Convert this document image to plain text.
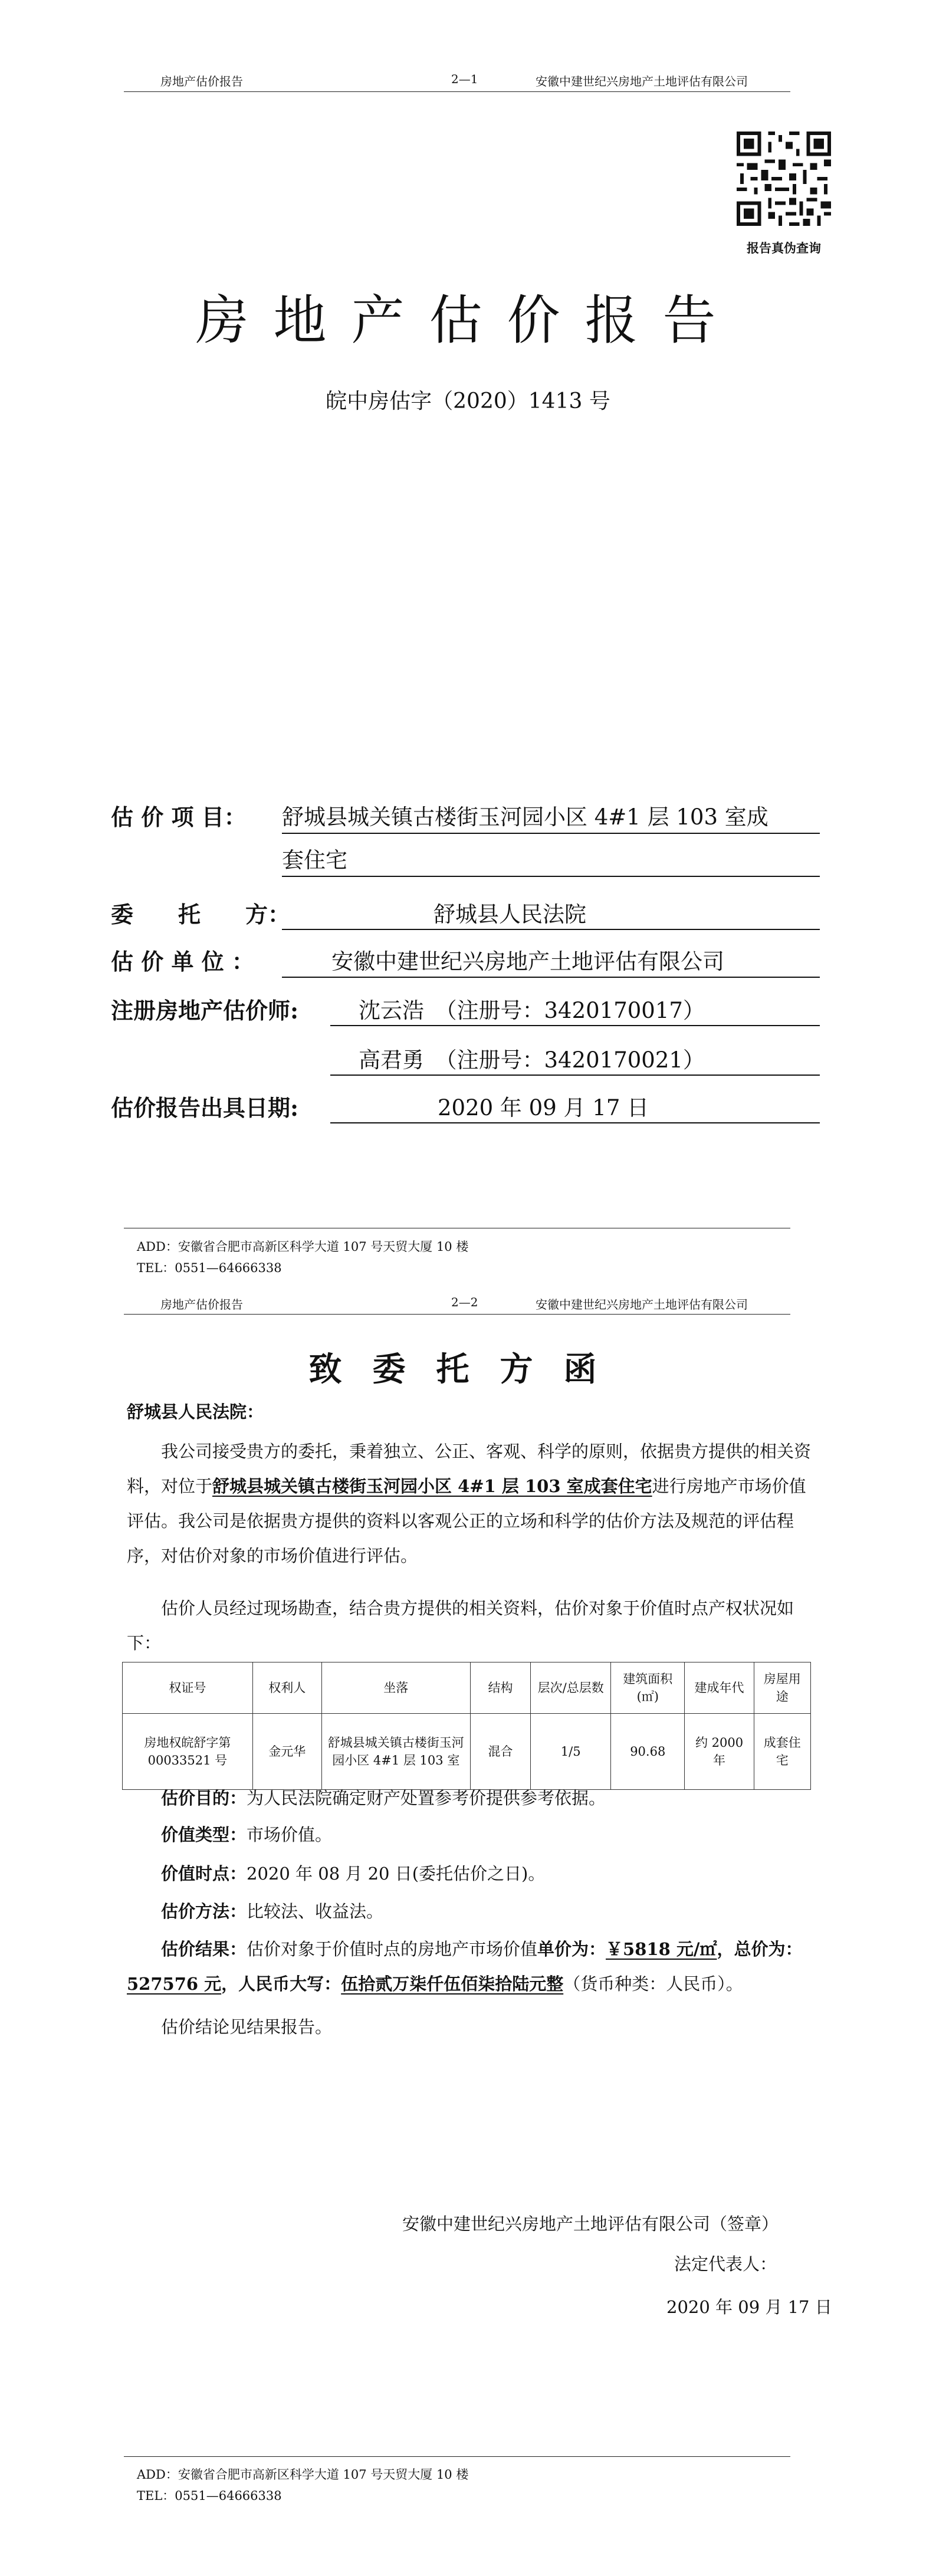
房地产估价报告	2—1	安徽中建世纪兴房地产土地评估有限公司
报告真伪查询
房地产估价报告
皖中房估字（2020）1413 号
估 价 项 目： 舒城县城关镇古楼街玉河园小区 4#1 层 103 室成
套住宅
委　　托　　方：	舒城县人民法院
估 价 单 位 ：	安徽中建世纪兴房地产土地评估有限公司
注册房地产估价师:	沈云浩　（注册号：3420170017）
高君勇　（注册号：3420170021）
估价报告出具日期:	2020 年 09 月 17 日
ADD：安徽省合肥市高新区科学大道 107 号天贸大厦 10 楼
TEL：0551—64666338
房地产估价报告	2—2	安徽中建世纪兴房地产土地评估有限公司
致委托方函
舒城县人民法院：
我公司接受贵方的委托，秉着独立、公正、客观、科学的原则，依据贵方提供的相关资料，对位于舒城县城关镇古楼街玉河园小区 4#1 层 103 室成套住宅进行房地产市场价值评估。我公司是依据贵方提供的资料以客观公正的立场和科学的估价方法及规范的评估程序，对估价对象的市场价值进行评估。
估价人员经过现场勘查，结合贵方提供的相关资料，估价对象于价值时点产权状况如下：
权证号	权利人	坐落	结构	层次/总层数	建筑面积(㎡)	建成年代	房屋用途
房地权皖舒字第 00033521 号	金元华	舒城县城关镇古楼街玉河园小区 4#1 层 103 室	混合	1/5	90.68	约 2000 年	成套住宅
估价目的：为人民法院确定财产处置参考价提供参考依据。
价值类型：市场价值。
价值时点：2020 年 08 月 20 日(委托估价之日)。
估价方法：比较法、收益法。
估价结果：估价对象于价值时点的房地产市场价值单价为：￥5818 元/㎡，总价为：527576 元，人民币大写：伍拾贰万柒仟伍佰柒拾陆元整（货币种类：人民币）。
估价结论见结果报告。
安徽中建世纪兴房地产土地评估有限公司（签章）
法定代表人：
2020 年 09 月 17 日
ADD：安徽省合肥市高新区科学大道 107 号天贸大厦 10 楼
TEL：0551—64666338
